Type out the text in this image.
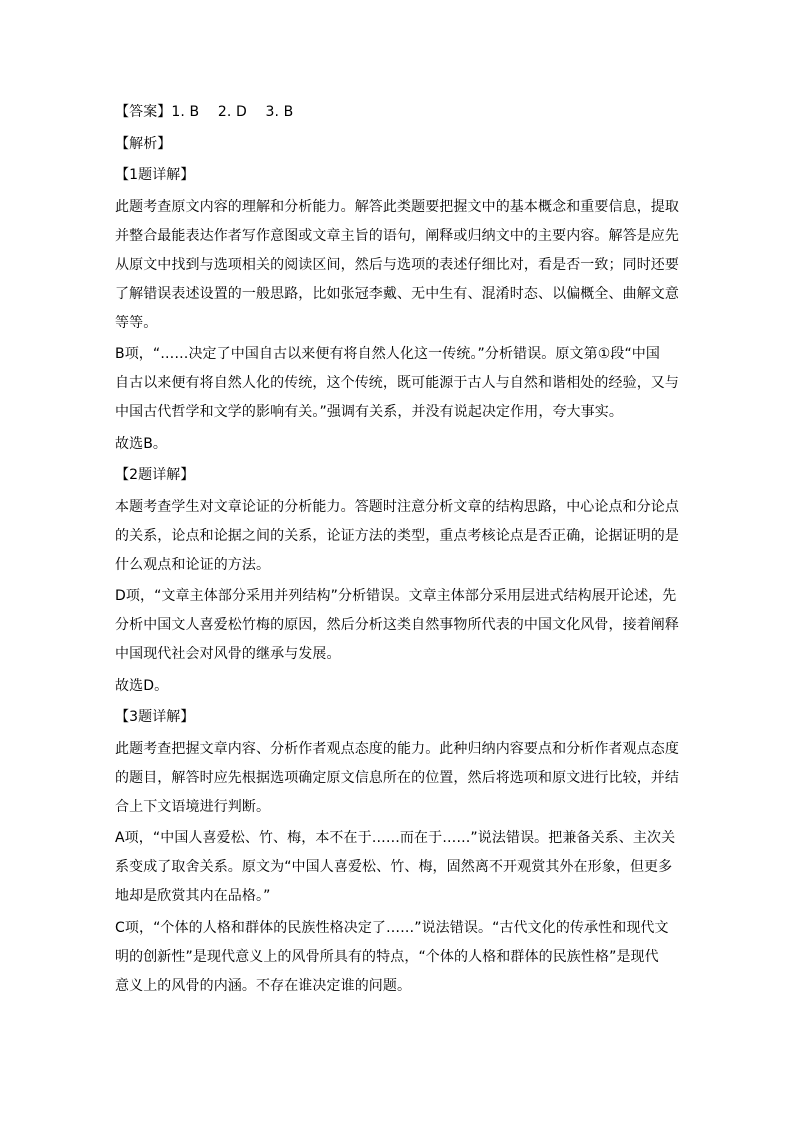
【答案】1. B　 2. D　 3. B
【解析】
【1题详解】
此题考查原文内容的理解和分析能力。解答此类题要把握文中的基本概念和重要信息，提取
并整合最能表达作者写作意图或文章主旨的语句，阐释或归纳文中的主要内容。解答是应先
从原文中找到与选项相关的阅读区间，然后与选项的表述仔细比对，看是否一致；同时还要
了解错误表述设置的一般思路，比如张冠李戴、无中生有、混淆时态、以偏概全、曲解文意
等等。
B项，“……决定了中国自古以来便有将自然人化这一传统。”分析错误。原文第①段“中国
自古以来便有将自然人化的传统，这个传统，既可能源于古人与自然和谐相处的经验，又与
中国古代哲学和文学的影响有关。”强调有关系，并没有说起决定作用，夸大事实。
故选B。
【2题详解】
本题考查学生对文章论证的分析能力。答题时注意分析文章的结构思路，中心论点和分论点
的关系，论点和论据之间的关系，论证方法的类型，重点考核论点是否正确，论据证明的是
什么观点和论证的方法。
D项，“文章主体部分采用并列结构”分析错误。文章主体部分采用层进式结构展开论述，先
分析中国文人喜爱松竹梅的原因，然后分析这类自然事物所代表的中国文化风骨，接着阐释
中国现代社会对风骨的继承与发展。
故选D。
【3题详解】
此题考查把握文章内容、分析作者观点态度的能力。此种归纳内容要点和分析作者观点态度
的题目，解答时应先根据选项确定原文信息所在的位置，然后将选项和原文进行比较，并结
合上下文语境进行判断。
A项，“中国人喜爱松、竹、梅，本不在于……而在于……”说法错误。把兼备关系、主次关
系变成了取舍关系。原文为“中国人喜爱松、竹、梅，固然离不开观赏其外在形象，但更多
地却是欣赏其内在品格。”
C项，“个体的人格和群体的民族性格决定了……”说法错误。“古代文化的传承性和现代文
明的创新性”是现代意义上的风骨所具有的特点，“个体的人格和群体的民族性格”是现代
意义上的风骨的内涵。不存在谁决定谁的问题。
